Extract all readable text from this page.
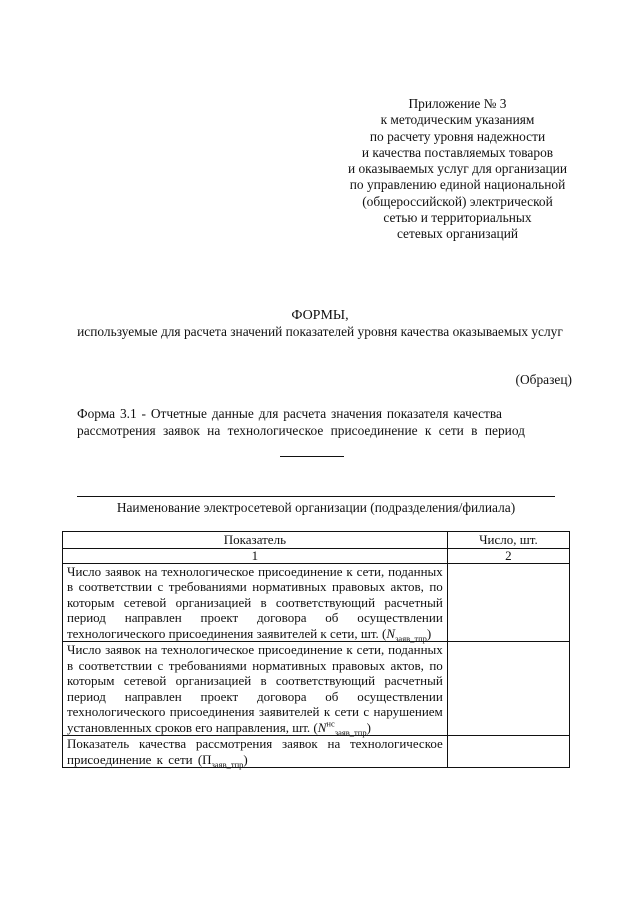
Приложение № 3
к методическим указаниям
по расчету уровня надежности
и качества поставляемых товаров
и оказываемых услуг для организации
по управлению единой национальной
(общероссийской) электрической
сетью и территориальных
сетевых организаций
ФОРМЫ,
используемые для расчета значений показателей уровня качества оказываемых услуг
(Образец)
Форма 3.1 - Отчетные данные для расчета значения показателя качества
рассмотрения заявок на технологическое присоединение к сети в период
Наименование электросетевой организации (подразделения/филиала)
Показатель	Число, шт.
1	2

Число заявок на технологическое присоединение к сети, поданных в соответствии с требованиями нормативных правовых актов, по которым сетевой организацией в соответствующий расчетный период направлен проект договора об осуществлении технологического присоединения заявителей к сети, шт. $(N_{заяв\_тпр})$	

Число заявок на технологическое присоединение к сети, поданных в соответствии с требованиями нормативных правовых актов, по которым сетевой организацией в соответствующий расчетный период направлен проект договора об осуществлении технологического присоединения заявителей к сети с нарушением установленных сроков его направления, шт. $(N^{нс}_{заяв\_тпр})$	

Показатель качества рассмотрения заявок на технологическое присоединение к сети $(П_{заяв\_тпр})$	
